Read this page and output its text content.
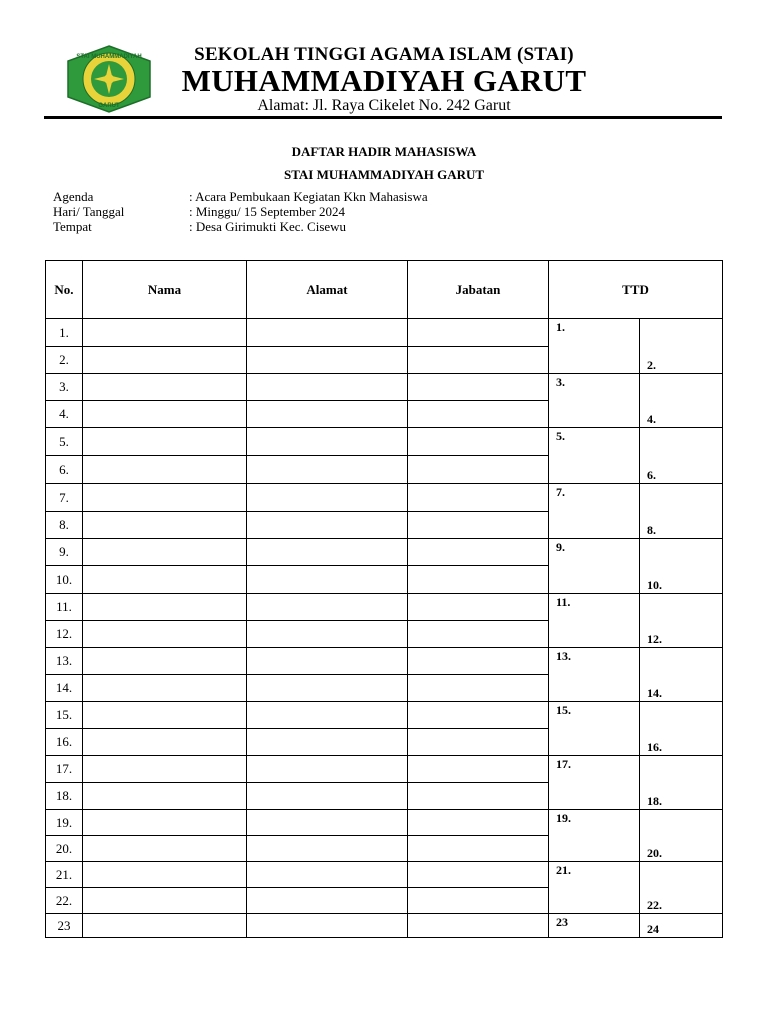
STAI MUHAMMADIYAH
GARUT
SEKOLAH TINGGI AGAMA ISLAM (STAI)
MUHAMMADIYAH GARUT
Alamat: Jl. Raya Cikelet No. 242 Garut
DAFTAR HADIR MAHASISWA
STAI MUHAMMADIYAH GARUT
Agenda	: Acara Pembukaan Kegiatan Kkn Mahasiswa
Hari/ Tanggal	: Minggu/ 15 September 2024
Tempat	: Desa Girimukti Kec. Cisewu
No.	Nama	Alamat	Jabatan	TTD	
1.				1.	2.
2.					
3.				3.	4.
4.					
5.				5.	6.
6.					
7.				7.	8.
8.					
9.				9.	10.
10.					
11.				11.	12.
12.					
13.				13.	14.
14.					
15.				15.	16.
16.					
17.				17.	18.
18.					
19.				19.	20.
20.					
21.				21.	22.
22.					
23				23	24
